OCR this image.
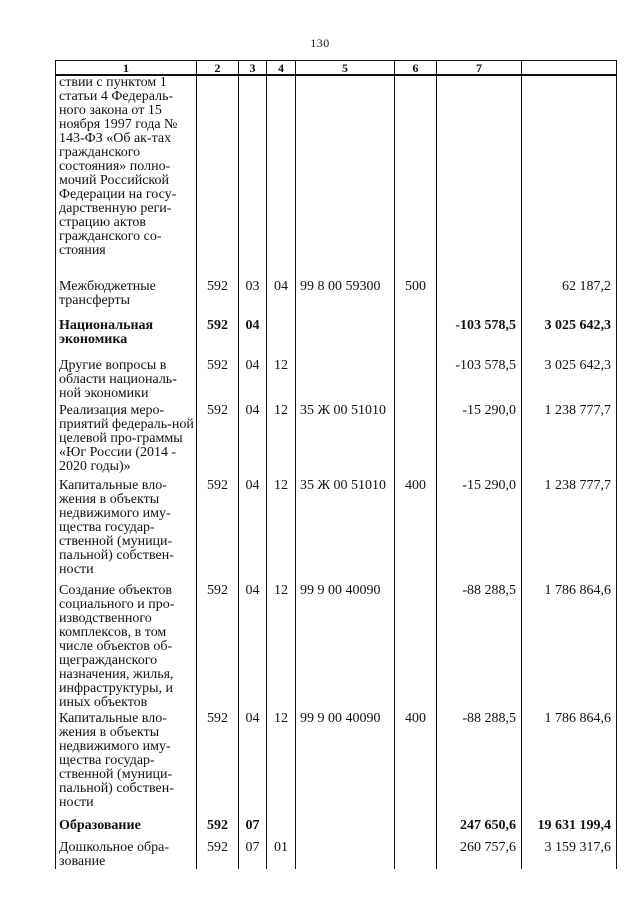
130
1	2	3	4	5	6	7	
ствии с пунктом 1 статьи 4 Федераль-ного закона от 15 ноября 1997 года № 143-ФЗ «Об ак-тах гражданского состояния» полно-мочий Российской Федерации на госу-дарственную реги-страцию актов гражданского со-стояния							
Межбюджетные трансферты	592	03	04	99 8 00 59300	500		62 187,2
Национальная экономика	592	04				-103 578,5	3 025 642,3
Другие вопросы в области националь-ной экономики	592	04	12			-103 578,5	3 025 642,3
Реализация меро-приятий федераль-ной целевой про-граммы «Юг России (2014 - 2020 годы)»	592	04	12	35 Ж 00 51010		-15 290,0	1 238 777,7
Капитальные вло-жения в объекты недвижимого иму-щества государ-ственной (муници-пальной) собствен-ности	592	04	12	35 Ж 00 51010	400	-15 290,0	1 238 777,7
Создание объектов социального и про-изводственного комплексов, в том числе объектов об-щегражданского назначения, жилья, инфраструктуры, и иных объектов	592	04	12	99 9 00 40090		-88 288,5	1 786 864,6
Капитальные вло-жения в объекты недвижимого иму-щества государ-ственной (муници-пальной) собствен-ности	592	04	12	99 9 00 40090	400	-88 288,5	1 786 864,6
Образование	592	07				247 650,6	19 631 199,4
Дошкольное обра-зование	592	07	01			260 757,6	3 159 317,6
